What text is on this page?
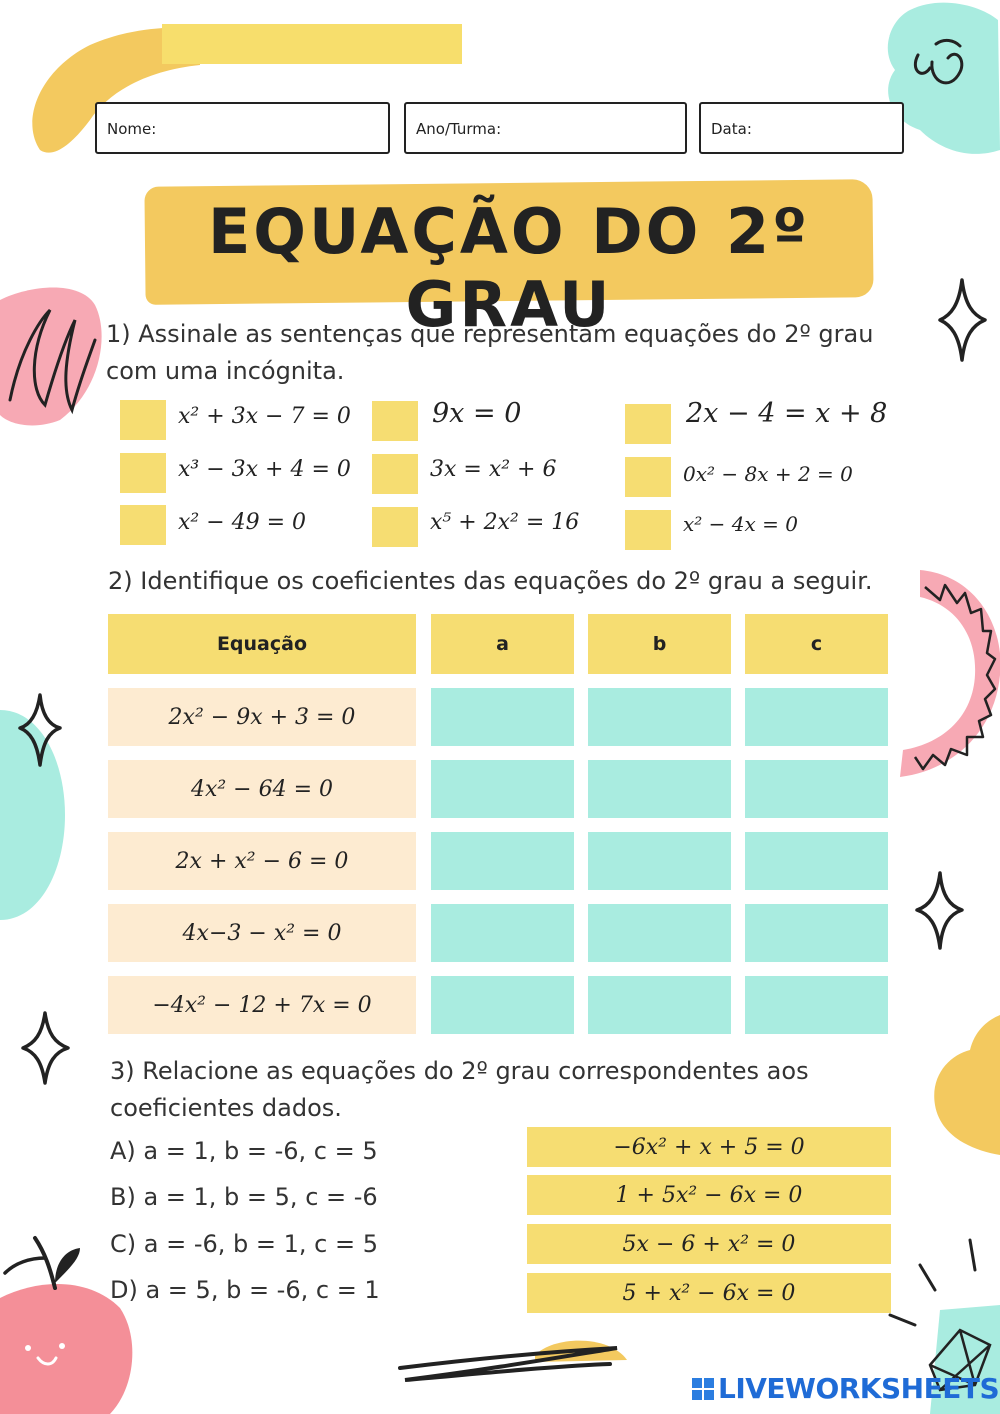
Nome:	Ano/Turma:	Data:
EQUAÇÃO DO 2º GRAU
1) Assinale as sentenças que representam equações do 2º grau
com uma incógnita.
x² + 3x − 7 = 0	9x = 0	2x − 4 = x + 8
x³ − 3x + 4 = 0	3x = x² + 6	0x² − 8x + 2 = 0
x² − 49 = 0	x⁵ + 2x² = 16	x² − 4x = 0
2) Identifique os coeficientes das equações do 2º grau a seguir.
Equação	a	b	c
2x² − 9x + 3 = 0
4x² − 64 = 0
2x + x² − 6 = 0
4x−3 − x² = 0
−4x² − 12 + 7x = 0
3) Relacione as equações do 2º grau correspondentes aos
coeficientes dados.
A) a = 1, b = -6, c = 5
B) a = 1, b = 5, c = -6
C) a = -6, b = 1, c = 5
D) a = 5, b = -6, c = 1
−6x² + x + 5 = 0
1 + 5x² − 6x = 0
5x − 6 + x² = 0
5 + x² − 6x = 0
LIVEWORKSHEETS
